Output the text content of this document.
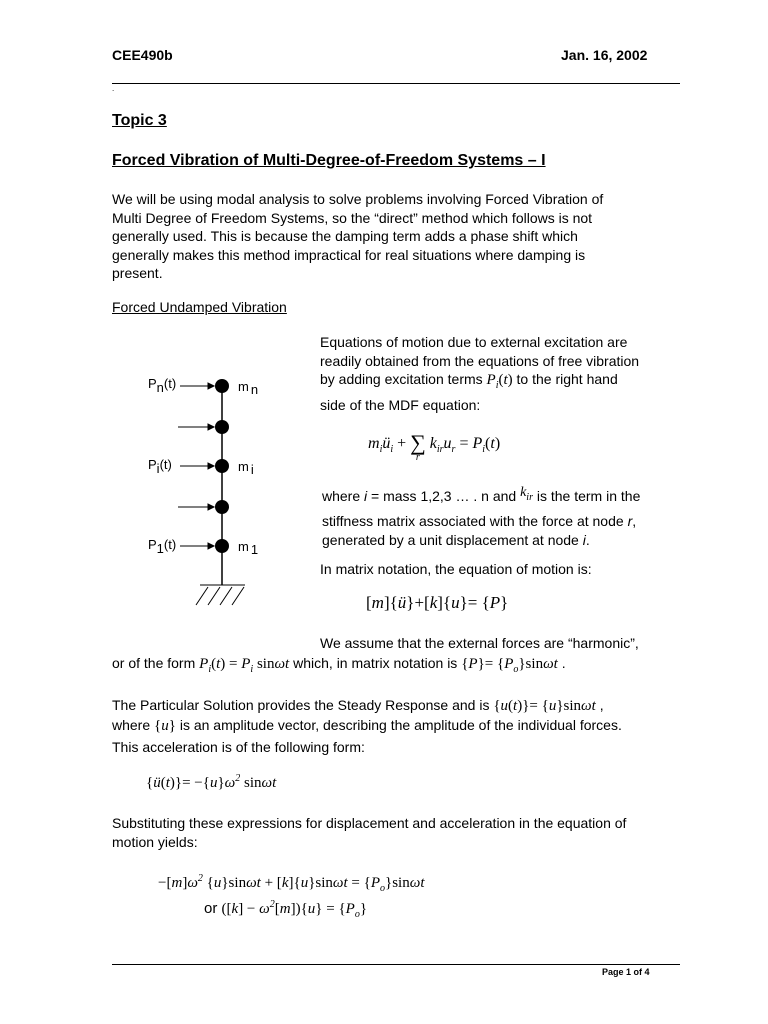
CEE490b	Jan. 16, 2002
.
Topic 3
Forced Vibration of Multi-Degree-of-Freedom Systems – I
We will be using modal analysis to solve problems involving Forced Vibration of
Multi Degree of Freedom Systems, so the “direct” method which follows is not
generally used. This is because the damping term adds a phase shift which
generally makes this method impractical for real situations where damping is
present.
Forced Undamped Vibration
Pn(t)	m n
Pi(t)	m i
P1(t)	m 1
Equations of motion due to external excitation are
readily obtained from the equations of free vibration
by adding excitation terms $P_i(t)$ to the right hand
side of the MDF equation:
$m_iü_i + \sum_rk_{ir}u_r = P_i(t)$
where i = mass 1,2,3 … . n and $k_{ir}$ is the term in the
stiffness matrix associated with the force at node r,
generated by a unit displacement at node i.
In matrix notation, the equation of motion is:
[m]{ü}+[k]{u}= {P}
We assume that the external forces are “harmonic”,
or of the form $P_i(t) = P_i$ sinωt which, in matrix notation is $\{P\}= \{P_o\}\sin\omega t$ .
The Particular Solution provides the Steady Response and is {u(t)}= {u}sinωt ,
where {u} is an amplitude vector, describing the amplitude of the individual forces.
This acceleration is of the following form:
{ü(t)}= $-\{u\}\omega^2$ sinωt
Substituting these expressions for displacement and acceleration in the equation of
motion yields:
$-[m]\omega^2$ $\{u\}\sin\omega t + [k]\{u\}\sin\omega t = \{P_o\}\sin\omega t$
or $([k] - \omega^2[m])\{u\} = \{P_o\}$
Page 1 of 4
